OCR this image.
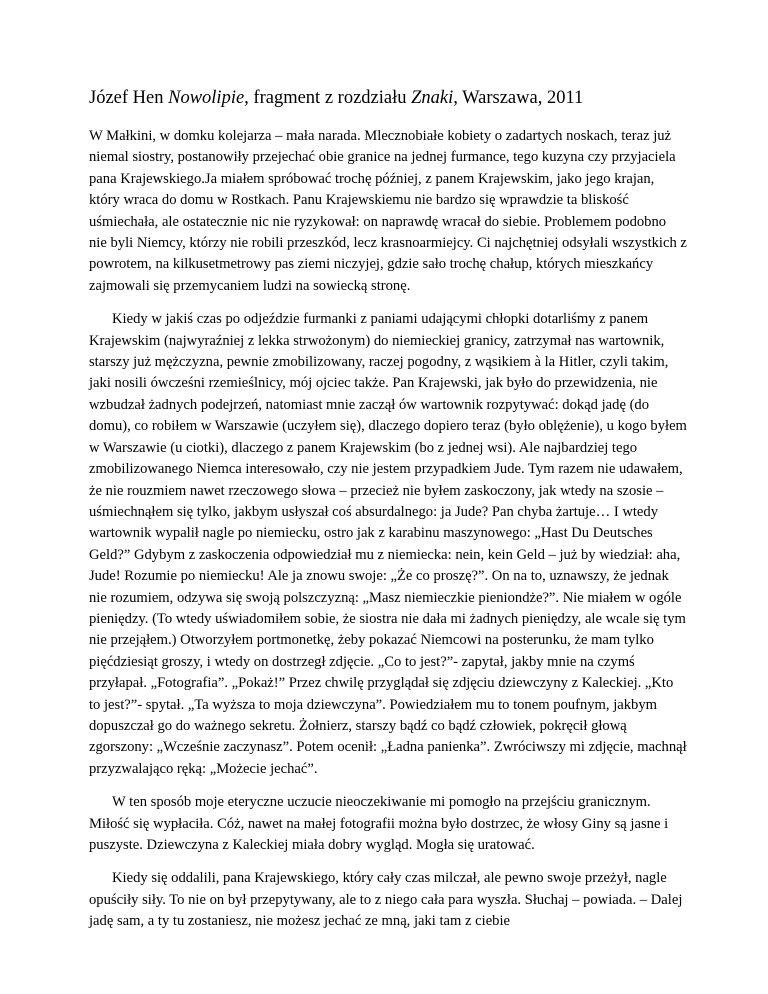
Józef Hen Nowolipie, fragment z rozdziału Znaki, Warszawa, 2011

W Małkini, w domku kolejarza – mała narada. Mlecznobiałe kobiety o zadartych noskach, teraz już niemal siostry, postanowiły przejechać obie granice na jednej furmance, tego kuzyna czy przyjaciela pana Krajewskiego.Ja miałem spróbować trochę później, z panem Krajewskim, jako jego krajan, który wraca do domu w Rostkach. Panu Krajewskiemu nie bardzo się wprawdzie ta bliskość uśmiechała, ale ostatecznie nic nie ryzykował: on naprawdę wracał do siebie. Problemem podobno nie byli Niemcy, którzy nie robili przeszkód, lecz krasnoarmiejcy. Ci najchętniej odsyłali wszystkich z powrotem, na kilkusetmetrowy pas ziemi niczyjej, gdzie sało trochę chałup, których mieszkańcy zajmowali się przemycaniem ludzi na sowiecką stronę.

Kiedy w jakiś czas po odjeździe furmanki z paniami udającymi chłopki dotarliśmy z panem Krajewskim (najwyraźniej z lekka strwożonym) do niemieckiej granicy, zatrzymał nas wartownik, starszy już mężczyzna, pewnie zmobilizowany, raczej pogodny, z wąsikiem à la Hitler, czyli takim, jaki nosili ówcześni rzemieślnicy, mój ojciec także. Pan Krajewski, jak było do przewidzenia, nie wzbudzał żadnych podejrzeń, natomiast mnie zaczął ów wartownik rozpytywać: dokąd jadę (do domu), co robiłem w Warszawie (uczyłem się), dlaczego dopiero teraz (było oblężenie), u kogo byłem w Warszawie (u ciotki), dlaczego z panem Krajewskim (bo z jednej wsi). Ale najbardziej tego zmobilizowanego Niemca interesowało, czy nie jestem przypadkiem Jude. Tym razem nie udawałem, że nie rouzmiem nawet rzeczowego słowa – przecież nie byłem zaskoczony, jak wtedy na szosie – uśmiechnąłem się tylko, jakbym usłyszał coś absurdalnego: ja Jude? Pan chyba żartuje… I wtedy wartownik wypalił nagle po niemiecku, ostro jak z karabinu maszynowego: „Hast Du Deutsches Geld?” Gdybym z zaskoczenia odpowiedział mu z niemiecka: nein, kein Geld – już by wiedział: aha, Jude! Rozumie po niemiecku! Ale ja znowu swoje: „Że co proszę?”. On na to, uznawszy, że jednak nie rozumiem, odzywa się swoją polszczyzną: „Masz niemieczkie pieniondże?”. Nie miałem w ogóle pieniędzy. (To wtedy uświadomiłem sobie, że siostra nie dała mi żadnych pieniędzy, ale wcale się tym nie przejąłem.) Otworzyłem portmonetkę, żeby pokazać Niemcowi na posterunku, że mam tylko pięćdziesiąt groszy, i wtedy on dostrzegł zdjęcie. „Co to jest?”- zapytał, jakby mnie na czymś przyłapał. „Fotografia”. „Pokaż!” Przez chwilę przyglądał się zdjęciu dziewczyny z Kaleckiej. „Kto to jest?”- spytał. „Ta wyższa to moja dziewczyna”. Powiedziałem mu to tonem poufnym, jakbym dopuszczał go do ważnego sekretu. Żołnierz, starszy bądź co bądź człowiek, pokręcił głową zgorszony: „Wcześnie zaczynasz”. Potem ocenił: „Ładna panienka”. Zwróciwszy mi zdjęcie, machnął przyzwalająco ręką: „Możecie jechać”.

W ten sposób moje eteryczne uczucie nieoczekiwanie mi pomogło na przejściu granicznym. Miłość się wypłaciła. Cóż, nawet na małej fotografii można było dostrzec, że włosy Giny są jasne i puszyste. Dziewczyna z Kaleckiej miała dobry wygląd. Mogła się uratować.

Kiedy się oddalili, pana Krajewskiego, który cały czas milczał, ale pewno swoje przeżył, nagle opuściły siły. To nie on był przepytywany, ale to z niego cała para wyszła. Słuchaj – powiada. – Dalej jadę sam, a ty tu zostaniesz, nie możesz jechać ze mną, jaki tam z ciebie
